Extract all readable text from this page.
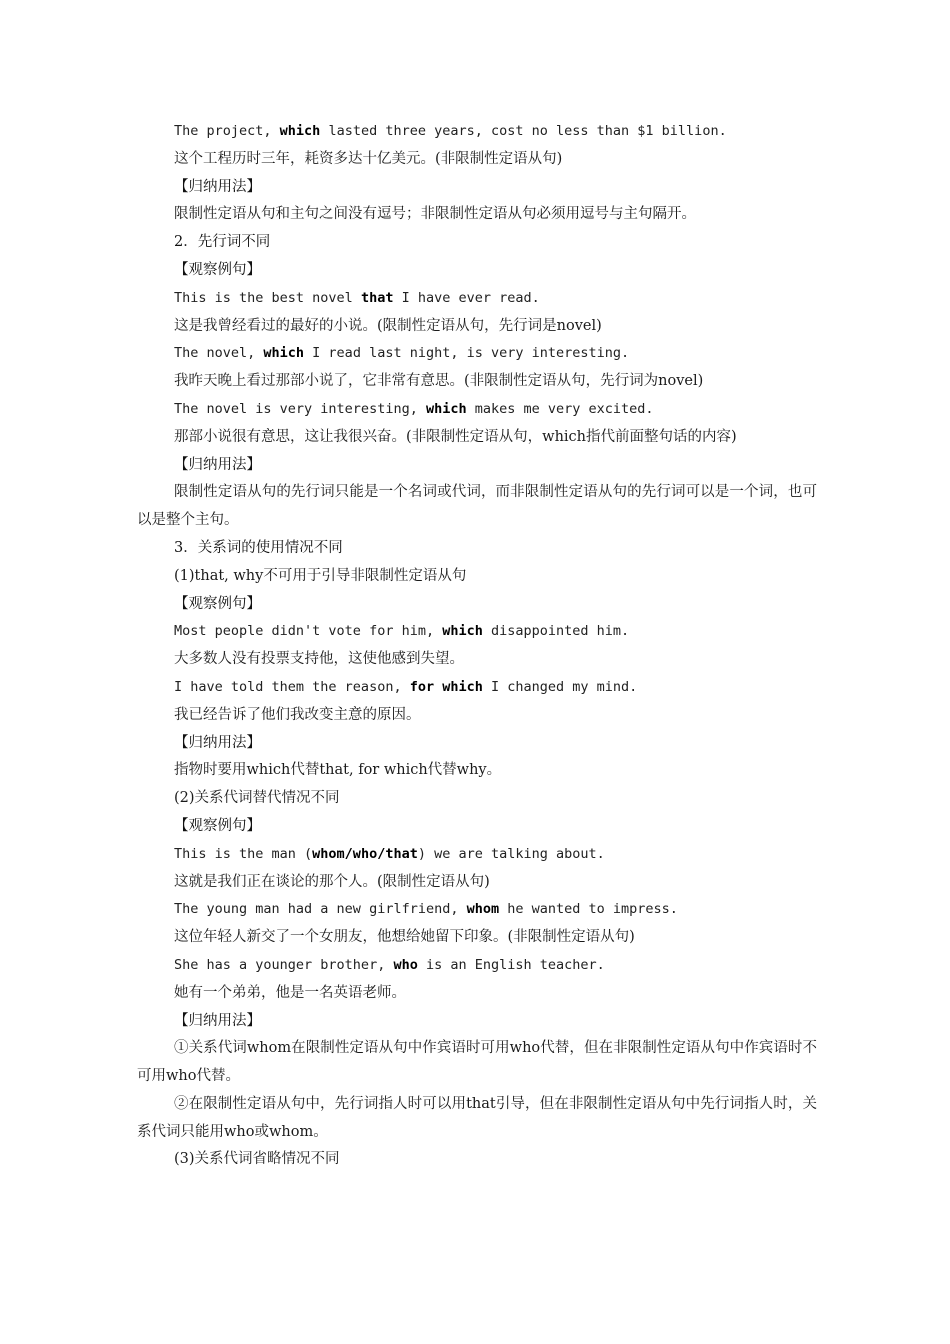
The project, which lasted three years, cost no less than $1 billion.
这个工程历时三年，耗资多达十亿美元。(非限制性定语从句)
【归纳用法】
限制性定语从句和主句之间没有逗号；非限制性定语从句必须用逗号与主句隔开。
2．先行词不同
【观察例句】
This is the best novel that I have ever read.
这是我曾经看过的最好的小说。(限制性定语从句，先行词是novel)
The novel, which I read last night, is very interesting.
我昨天晚上看过那部小说了，它非常有意思。(非限制性定语从句，先行词为novel)
The novel is very interesting, which makes me very excited.
那部小说很有意思，这让我很兴奋。(非限制性定语从句，which指代前面整句话的内容)
【归纳用法】
限制性定语从句的先行词只能是一个名词或代词，而非限制性定语从句的先行词可以是一个词，也可以是整个主句。
3．关系词的使用情况不同
(1)that, why不可用于引导非限制性定语从句
【观察例句】
Most people didn't vote for him, which disappointed him.
大多数人没有投票支持他，这使他感到失望。
I have told them the reason, for which I changed my mind.
我已经告诉了他们我改变主意的原因。
【归纳用法】
指物时要用which代替that, for which代替why。
(2)关系代词替代情况不同
【观察例句】
This is the man (whom/who/that) we are talking about.
这就是我们正在谈论的那个人。(限制性定语从句)
The young man had a new girlfriend, whom he wanted to impress.
这位年轻人新交了一个女朋友，他想给她留下印象。(非限制性定语从句)
She has a younger brother, who is an English teacher.
她有一个弟弟，他是一名英语老师。
【归纳用法】
①关系代词whom在限制性定语从句中作宾语时可用who代替，但在非限制性定语从句中作宾语时不可用who代替。
②在限制性定语从句中，先行词指人时可以用that引导，但在非限制性定语从句中先行词指人时，关系代词只能用who或whom。
(3)关系代词省略情况不同
